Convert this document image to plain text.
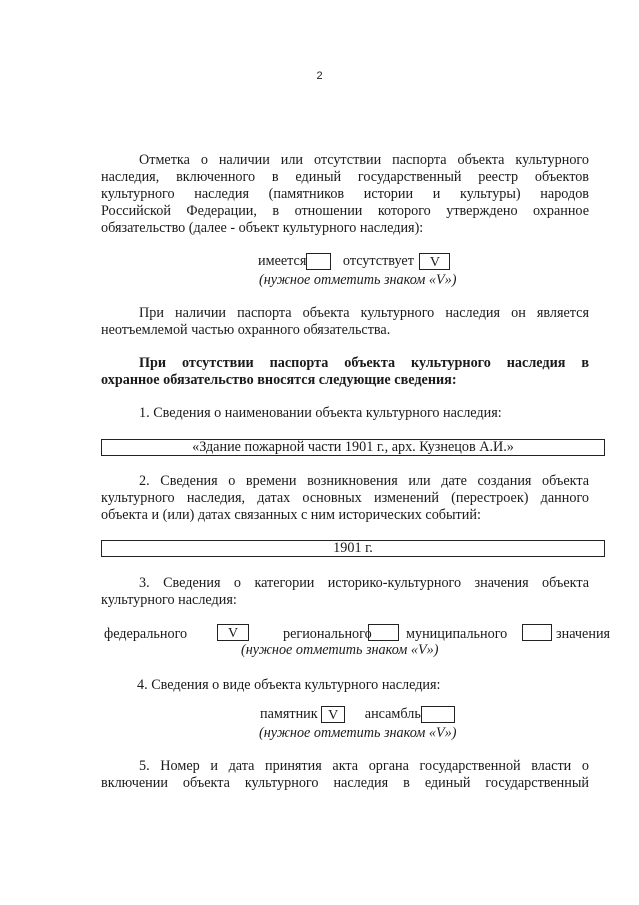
2
Отметка о наличии или отсутствии паспорта объекта культурного
наследия, включенного в единый государственный реестр объектов
культурного наследия (памятников истории и культуры) народов
Российской Федерации, в отношении которого утверждено охранное
обязательство (далее - объект культурного наследия):
имеется	отсутствует V
(нужное отметить знаком «V»)
При наличии паспорта объекта культурного наследия он является
неотъемлемой частью охранного обязательства.
При отсутствии паспорта объекта культурного наследия в
охранное обязательство вносятся следующие сведения:
1. Сведения о наименовании объекта культурного наследия:
«Здание пожарной части 1901 г., арх. Кузнецов А.И.»
2. Сведения о времени возникновения или дате создания объекта
культурного наследия, датах основных изменений (перестроек) данного
объекта и (или) датах связанных с ним исторических событий:
1901 г.
3. Сведения о категории историко-культурного значения объекта
культурного наследия:
федерального	V	регионального муниципального	значения
(нужное отметить знаком «V»)
4. Сведения о виде объекта культурного наследия:
памятник V ансамбль
(нужное отметить знаком «V»)
5. Номер и дата принятия акта органа государственной власти о
включении объекта культурного наследия в единый государственный
